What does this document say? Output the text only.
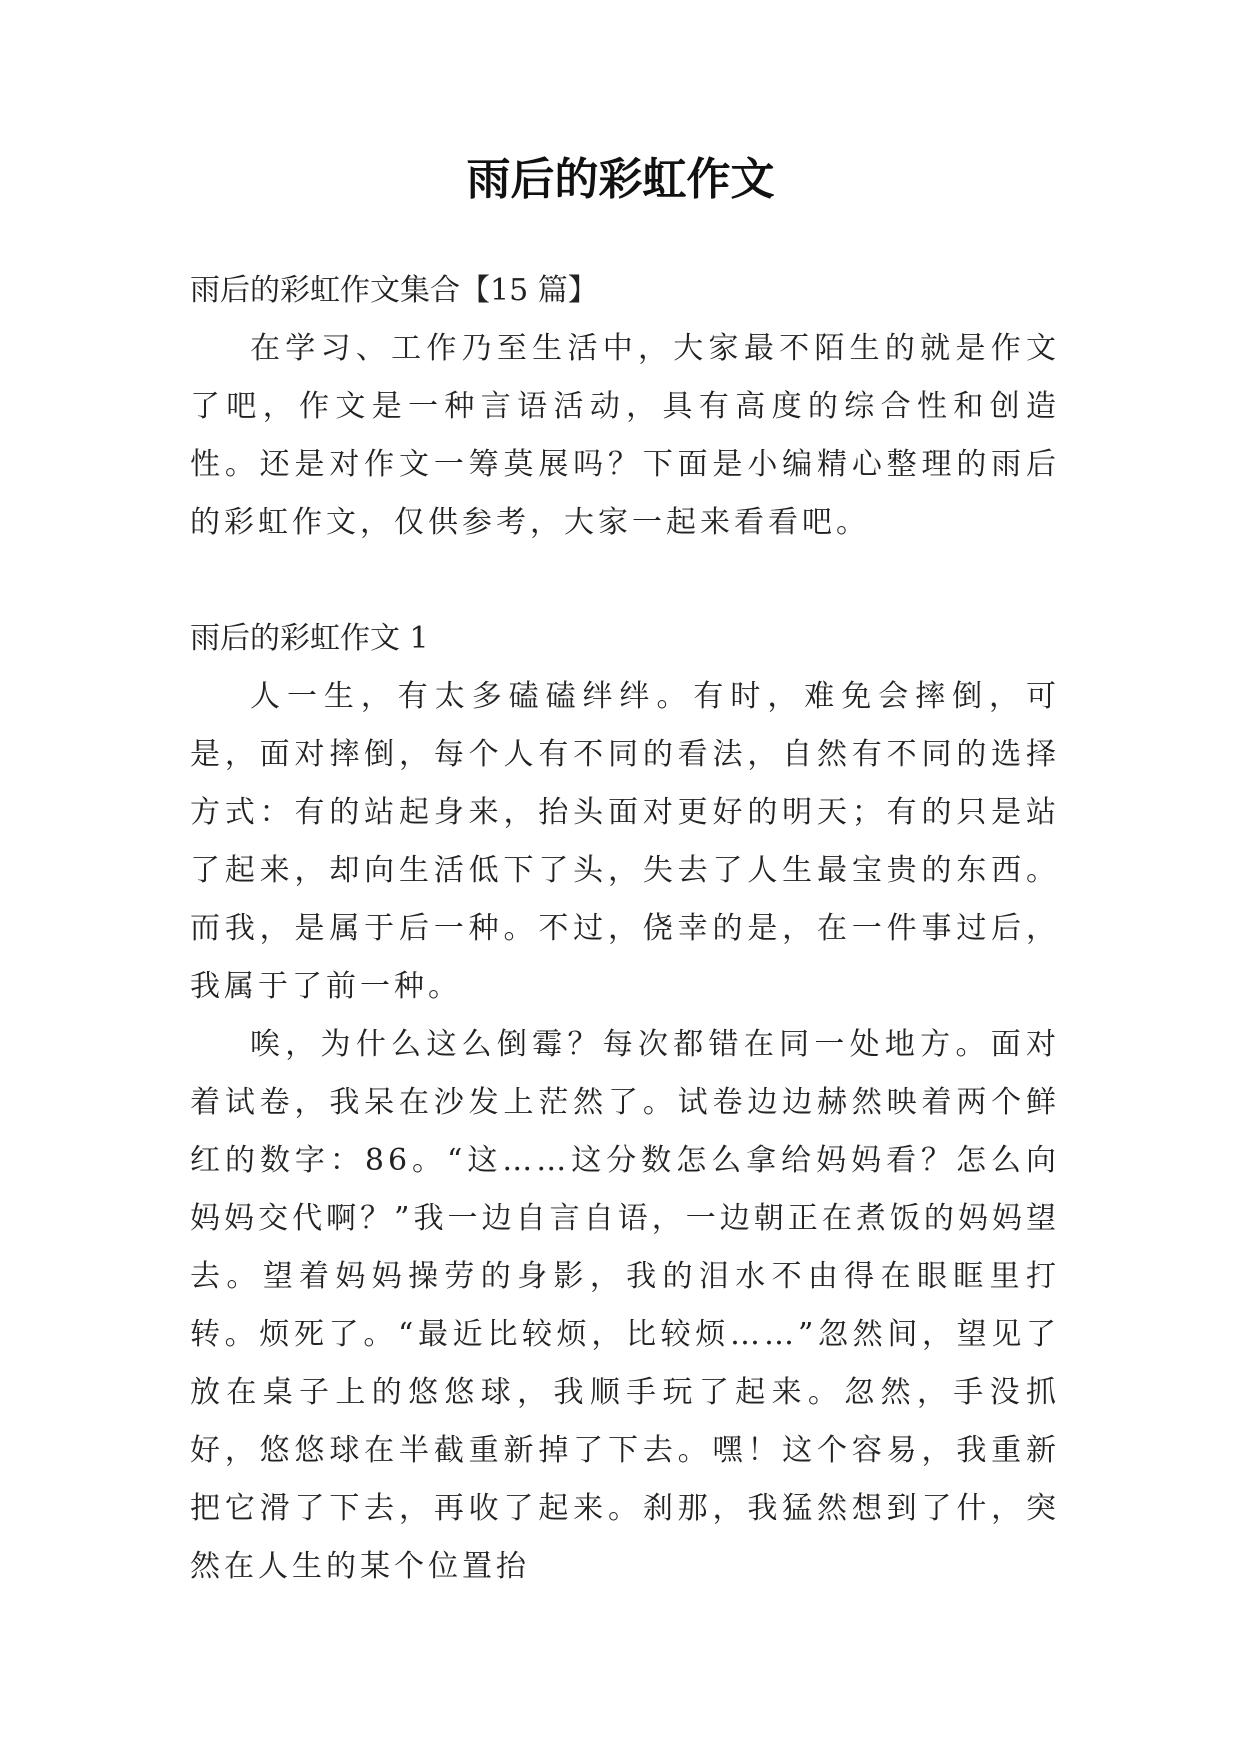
雨后的彩虹作文

雨后的彩虹作文集合【15 篇】

在学习、工作乃至生活中，大家最不陌生的就是作文了吧，作文是一种言语活动，具有高度的综合性和创造性。还是对作文一筹莫展吗？下面是小编精心整理的雨后的彩虹作文，仅供参考，大家一起来看看吧。

雨后的彩虹作文 1

人一生，有太多磕磕绊绊。有时，难免会摔倒，可是，面对摔倒，每个人有不同的看法，自然有不同的选择方式：有的站起身来，抬头面对更好的明天；有的只是站了起来，却向生活低下了头，失去了人生最宝贵的东西。而我，是属于后一种。不过，侥幸的是，在一件事过后，我属于了前一种。

唉，为什么这么倒霉？每次都错在同一处地方。面对着试卷，我呆在沙发上茫然了。试卷边边赫然映着两个鲜红的数字：86。“这……这分数怎么拿给妈妈看？怎么向妈妈交代啊？”我一边自言自语，一边朝正在煮饭的妈妈望去。望着妈妈操劳的身影，我的泪水不由得在眼眶里打转。烦死了。“最近比较烦，比较烦……”忽然间，望见了放在桌子上的悠悠球，我顺手玩了起来。忽然，手没抓好，悠悠球在半截重新掉了下去。嘿！这个容易，我重新把它滑了下去，再收了起来。刹那，我猛然想到了什，突然在人生的某个位置抬
